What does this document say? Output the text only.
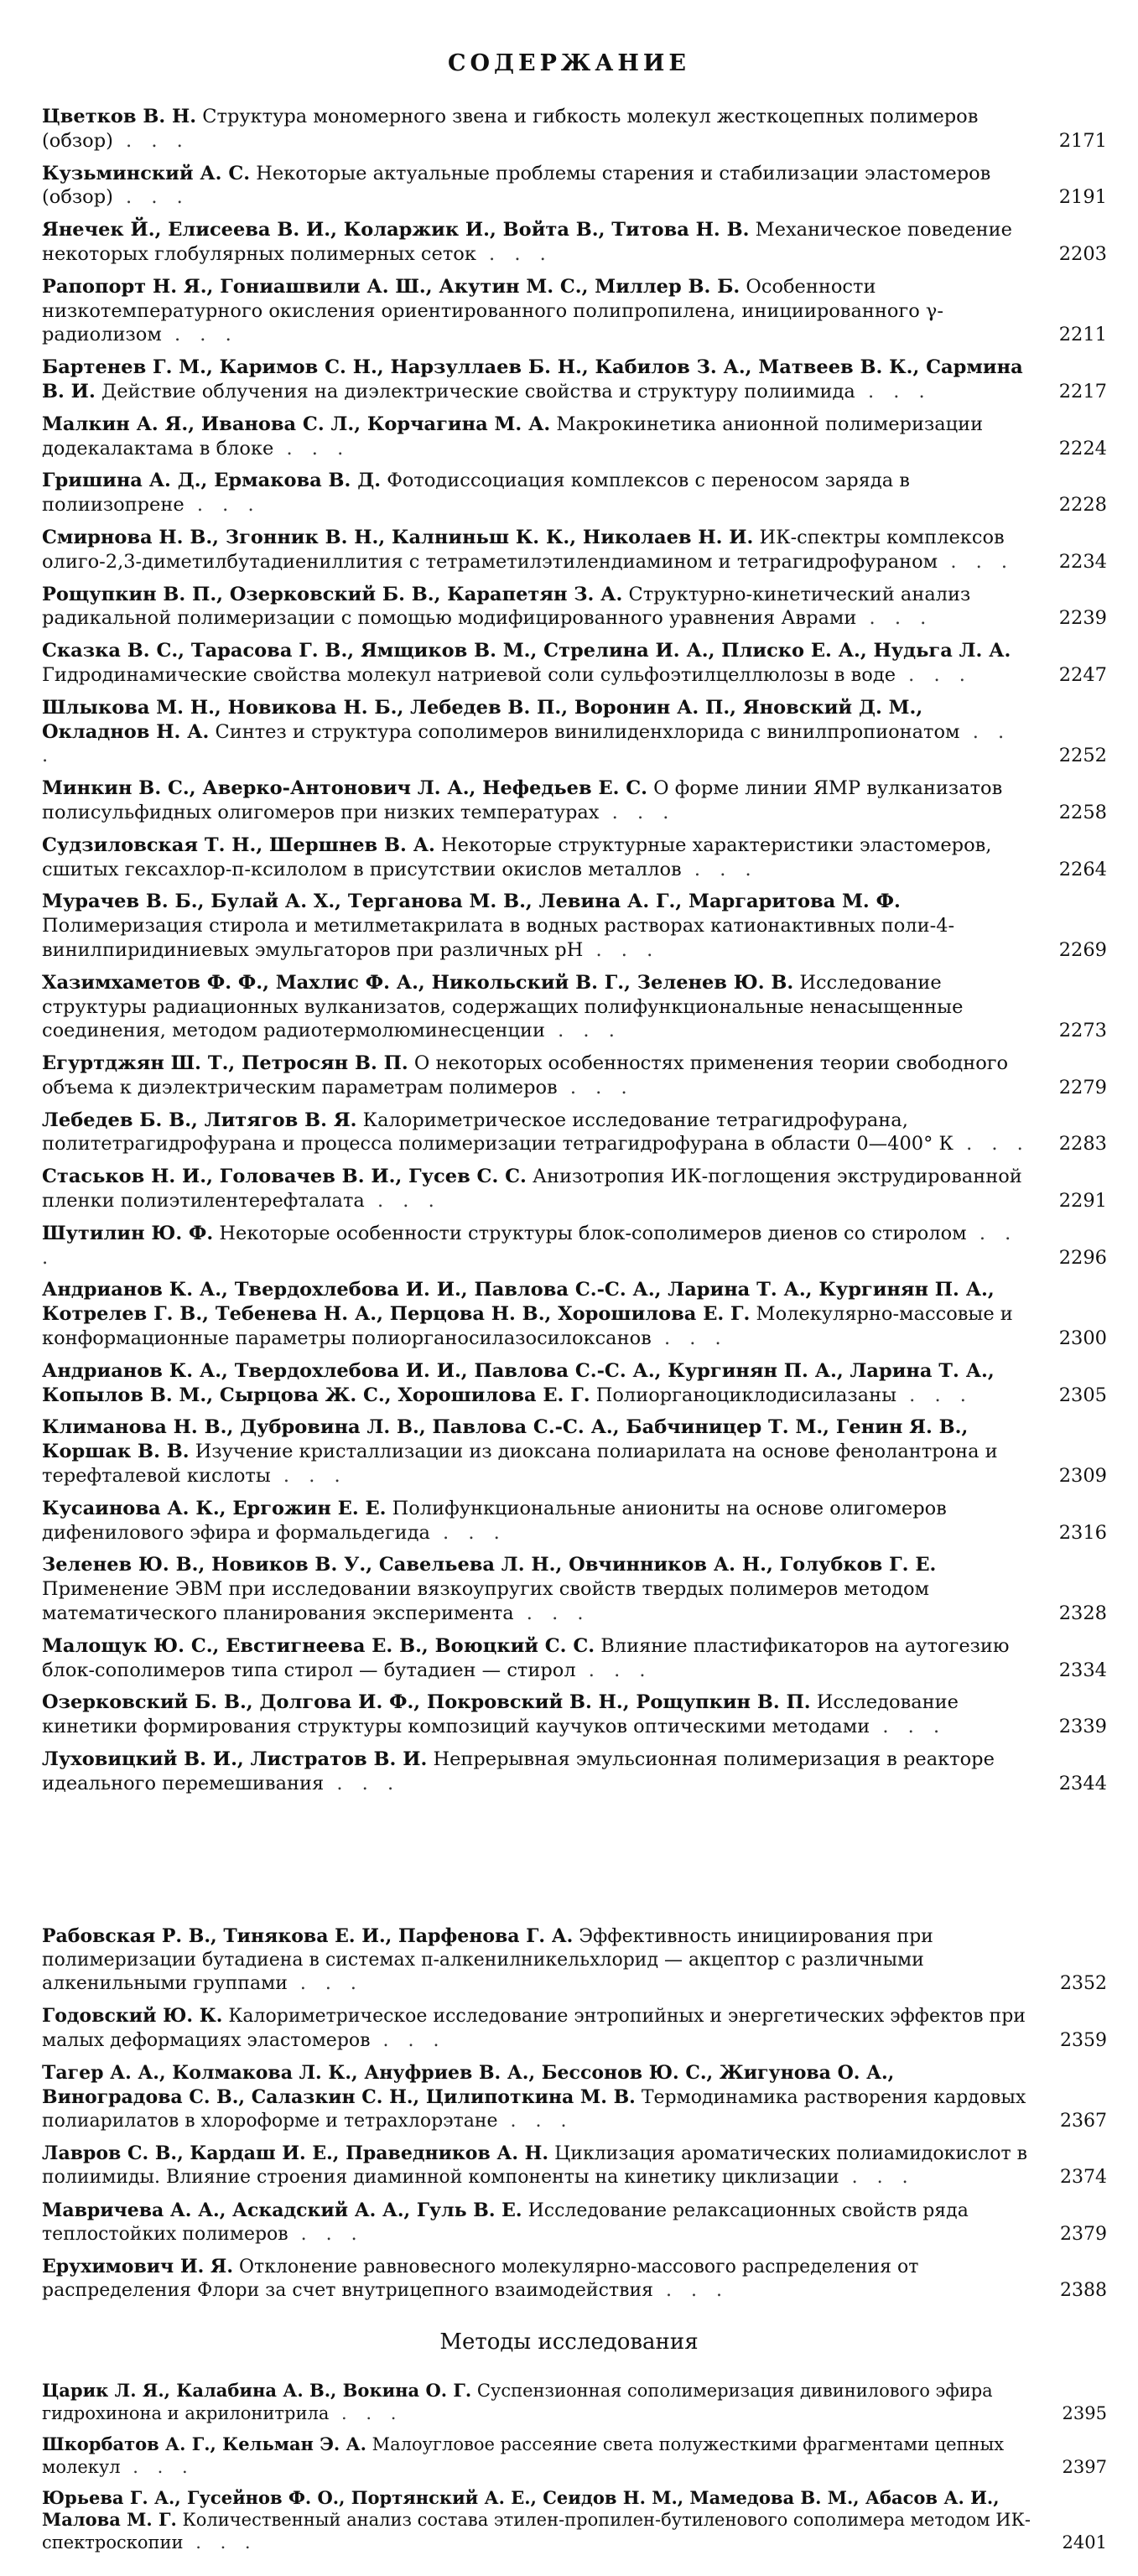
СОДЕРЖАНИЕ
Цветков В. Н. Структура мономерного звена и гибкость молекул жесткоцепных полимеров (обзор) . . .	2171
Кузьминский А. С. Некоторые актуальные проблемы старения и стабилизации эластомеров (обзор) . . .	2191
Янечек Й., Елисеева В. И., Коларжик И., Войта В., Титова Н. В. Механическое поведение некоторых глобулярных полимерных сеток . . .	2203
Рапопорт Н. Я., Гониашвили А. Ш., Акутин М. С., Миллер В. Б. Особенности низкотемпературного окисления ориентированного полипропилена, инициированного γ-радиолизом . . .	2211
Бартенев Г. М., Каримов С. Н., Нарзуллаев Б. Н., Кабилов З. А., Матвеев В. К., Сармина В. И. Действие облучения на диэлектрические свойства и структуру полиимида . . .	2217
Малкин А. Я., Иванова С. Л., Корчагина М. А. Макрокинетика анионной полимеризации додекалактама в блоке . . .	2224
Гришина А. Д., Ермакова В. Д. Фотодиссоциация комплексов с переносом заряда в полиизопрене . . .	2228
Смирнова Н. В., Згонник В. Н., Калниньш К. К., Николаев Н. И. ИК-спектры комплексов олиго-2,3-диметилбутадиениллития с тетраметилэтилендиамином и тетрагидрофураном . . .	2234
Рощупкин В. П., Озерковский Б. В., Карапетян З. А. Структурно-кинетический анализ радикальной полимеризации с помощью модифицированного уравнения Аврами . . .	2239
Сказка В. С., Тарасова Г. В., Ямщиков В. М., Стрелина И. А., Плиско Е. А., Нудьга Л. А. Гидродинамические свойства молекул натриевой соли сульфоэтилцеллюлозы в воде . . .	2247
Шлыкова М. Н., Новикова Н. Б., Лебедев В. П., Воронин А. П., Яновский Д. М., Окладнов Н. А. Синтез и структура сополимеров винилиденхлорида с винилпропионатом . . .	2252
Минкин В. С., Аверко-Антонович Л. А., Нефедьев Е. С. О форме линии ЯМР вулканизатов полисульфидных олигомеров при низких температурах . . .	2258
Судзиловская Т. Н., Шершнев В. А. Некоторые структурные характеристики эластомеров, сшитых гексахлор-п-ксилолом в присутствии окислов металлов . . .	2264
Мурачев В. Б., Булай А. Х., Терганова М. В., Левина А. Г., Маргаритова М. Ф. Полимеризация стирола и метилметакрилата в водных растворах катионактивных поли-4-винилпиридиниевых эмульгаторов при различных pH . . .	2269
Хазимхаметов Ф. Ф., Махлис Ф. А., Никольский В. Г., Зеленев Ю. В. Исследование структуры радиационных вулканизатов, содержащих полифункциональные ненасыщенные соединения, методом радиотермолюминесценции . . .	2273
Егуртджян Ш. Т., Петросян В. П. О некоторых особенностях применения теории свободного объема к диэлектрическим параметрам полимеров . . .	2279
Лебедев Б. В., Литягов В. Я. Калориметрическое исследование тетрагидрофурана, политетрагидрофурана и процесса полимеризации тетрагидрофурана в области 0—400° К . . .	2283
Стаськов Н. И., Головачев В. И., Гусев С. С. Анизотропия ИК-поглощения экструдированной пленки полиэтилентерефталата . . .	2291
Шутилин Ю. Ф. Некоторые особенности структуры блок-сополимеров диенов со стиролом . . .	2296
Андрианов К. А., Твердохлебова И. И., Павлова С.-С. А., Ларина Т. А., Кургинян П. А., Котрелев Г. В., Тебенева Н. А., Перцова Н. В., Хорошилова Е. Г. Молекулярно-массовые и конформационные параметры полиорганосилазосилоксанов . . .	2300
Андрианов К. А., Твердохлебова И. И., Павлова С.-С. А., Кургинян П. А., Ларина Т. А., Копылов В. М., Сырцова Ж. С., Хорошилова Е. Г. Полиорганоциклодисилазаны . . .	2305
Климанова Н. В., Дубровина Л. В., Павлова С.-С. А., Бабчиницер Т. М., Генин Я. В., Коршак В. В. Изучение кристаллизации из диоксана полиарилата на основе фенолантрона и терефталевой кислоты . . .	2309
Кусаинова А. К., Ергожин Е. Е. Полифункциональные аниониты на основе олигомеров дифенилового эфира и формальдегида . . .	2316
Зеленев Ю. В., Новиков В. У., Савельева Л. Н., Овчинников А. Н., Голубков Г. Е. Применение ЭВМ при исследовании вязкоупругих свойств твердых полимеров методом математического планирования эксперимента . . .	2328
Малощук Ю. С., Евстигнеева Е. В., Воюцкий С. С. Влияние пластификаторов на аутогезию блок-сополимеров типа стирол — бутадиен — стирол . . .	2334
Озерковский Б. В., Долгова И. Ф., Покровский В. Н., Рощупкин В. П. Исследование кинетики формирования структуры композиций каучуков оптическими методами . . .	2339
Луховицкий В. И., Листратов В. И. Непрерывная эмульсионная полимеризация в реакторе идеального перемешивания . . .	2344
Рабовская Р. В., Тинякова Е. И., Парфенова Г. А. Эффективность инициирования при полимеризации бутадиена в системах π-алкенилникельхлорид — акцептор с различными алкенильными группами . . .	2352
Годовский Ю. К. Калориметрическое исследование энтропийных и энергетических эффектов при малых деформациях эластомеров . . .	2359
Тагер А. А., Колмакова Л. К., Ануфриев В. А., Бессонов Ю. С., Жигунова О. А., Виноградова С. В., Салазкин С. Н., Цилипоткина М. В. Термодинамика растворения кардовых полиарилатов в хлороформе и тетрахлорэтане . . .	2367
Лавров С. В., Кардаш И. Е., Праведников А. Н. Циклизация ароматических полиамидокислот в полиимиды. Влияние строения диаминной компоненты на кинетику циклизации . . .	2374
Мавричева А. А., Аскадский А. А., Гуль В. Е. Исследование релаксационных свойств ряда теплостойких полимеров . . .	2379
Ерухимович И. Я. Отклонение равновесного молекулярно-массового распределения от распределения Флори за счет внутрицепного взаимодействия . . .	2388
Методы исследования
Царик Л. Я., Калабина А. В., Вокина О. Г. Суспензионная сополимеризация дивинилового эфира гидрохинона и акрилонитрила . . .	2395
Шкорбатов А. Г., Кельман Э. А. Малоугловое рассеяние света полужесткими фрагментами цепных молекул . . .	2397
Юрьева Г. А., Гусейнов Ф. О., Портянский А. Е., Сеидов Н. М., Мамедова В. М., Абасов А. И., Малова М. Г. Количественный анализ состава этилен-пропилен-бутиленового сополимера методом ИК-спектроскопии . . .	2401
